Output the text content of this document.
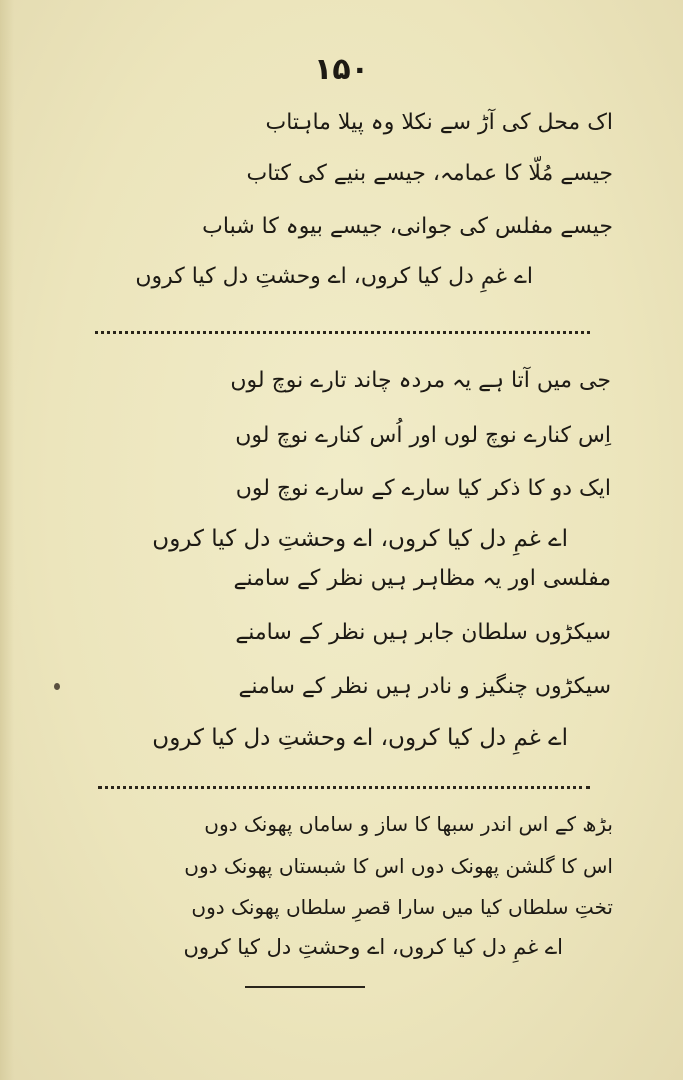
۱۵۰
اک محل کی آڑ سے نکلا وہ پیلا ماہتاب
جیسے مُلّا کا عمامہ، جیسے بنیے کی کتاب
جیسے مفلس کی جوانی، جیسے بیوہ کا شباب
اے غمِ دل کیا کروں، اے وحشتِ دل کیا کروں
جی میں آتا ہے یہ مردہ چاند تارے نوچ لوں
اِس کنارے نوچ لوں اور اُس کنارے نوچ لوں
ایک دو کا ذکر کیا سارے کے سارے نوچ لوں
اے غمِ دل کیا کروں، اے وحشتِ دل کیا کروں
مفلسی اور یہ مظاہر ہیں نظر کے سامنے
سیکڑوں سلطان جابر ہیں نظر کے سامنے
سیکڑوں چنگیز و نادر ہیں نظر کے سامنے
اے غمِ دل کیا کروں، اے وحشتِ دل کیا کروں
بڑھ کے اس اندر سبھا کا ساز و ساماں پھونک دوں
اس کا گلشن پھونک دوں اس کا شبستاں پھونک دوں
تختِ سلطاں کیا میں سارا قصرِ سلطاں پھونک دوں
اے غمِ دل کیا کروں، اے وحشتِ دل کیا کروں
